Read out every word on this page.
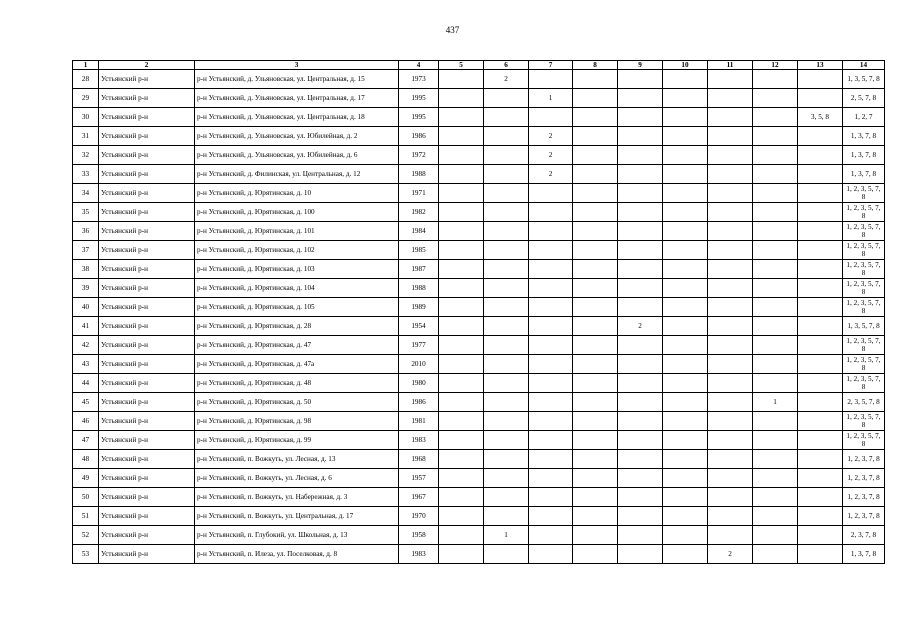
437
1	2	3	4	5	6	7	8	9	10	11	12	13	14
28	Устьянский р-н	р-н Устьянский, д. Ульяновская, ул. Центральная, д. 15	1973		2								1, 3, 5, 7, 8
29	Устьянский р-н	р-н Устьянский, д. Ульяновская, ул. Центральная, д. 17	1995			1							2, 5, 7, 8
30	Устьянский р-н	р-н Устьянский, д. Ульяновская, ул. Центральная, д. 18	1995									3, 5, 8	1, 2, 7
31	Устьянский р-н	р-н Устьянский, д. Ульяновская, ул. Юбилейная, д. 2	1986			2							1, 3, 7, 8
32	Устьянский р-н	р-н Устьянский, д. Ульяновская, ул. Юбилейная, д. 6	1972			2							1, 3, 7, 8
33	Устьянский р-н	р-н Устьянский, д. Филинская, ул. Центральная, д. 12	1988			2							1, 3, 7, 8
34	Устьянский р-н	р-н Устьянский, д. Юрятинская, д. 10	1971										1, 2, 3, 5, 7, 8
35	Устьянский р-н	р-н Устьянский, д. Юрятинская, д. 100	1982										1, 2, 3, 5, 7, 8
36	Устьянский р-н	р-н Устьянский, д. Юрятинская, д. 101	1984										1, 2, 3, 5, 7, 8
37	Устьянский р-н	р-н Устьянский, д. Юрятинская, д. 102	1985										1, 2, 3, 5, 7, 8
38	Устьянский р-н	р-н Устьянский, д. Юрятинская, д. 103	1987										1, 2, 3, 5, 7, 8
39	Устьянский р-н	р-н Устьянский, д. Юрятинская, д. 104	1988										1, 2, 3, 5, 7, 8
40	Устьянский р-н	р-н Устьянский, д. Юрятинская, д. 105	1989										1, 2, 3, 5, 7, 8
41	Устьянский р-н	р-н Устьянский, д. Юрятинская, д. 28	1954					2					1, 3, 5, 7, 8
42	Устьянский р-н	р-н Устьянский, д. Юрятинская, д. 47	1977										1, 2, 3, 5, 7, 8
43	Устьянский р-н	р-н Устьянский, д. Юрятинская, д. 47а	2010										1, 2, 3, 5, 7, 8
44	Устьянский р-н	р-н Устьянский, д. Юрятинская, д. 48	1980										1, 2, 3, 5, 7, 8
45	Устьянский р-н	р-н Устьянский, д. Юрятинская, д. 50	1986								1		2, 3, 5, 7, 8
46	Устьянский р-н	р-н Устьянский, д. Юрятинская, д. 98	1981										1, 2, 3, 5, 7, 8
47	Устьянский р-н	р-н Устьянский, д. Юрятинская, д. 99	1983										1, 2, 3, 5, 7, 8
48	Устьянский р-н	р-н Устьянский, п. Вожкуть, ул. Лесная, д. 13	1968										1, 2, 3, 7, 8
49	Устьянский р-н	р-н Устьянский, п. Вожкуть, ул. Лесная, д. 6	1957										1, 2, 3, 7, 8
50	Устьянский р-н	р-н Устьянский, п. Вожкуть, ул. Набережная, д. 3	1967										1, 2, 3, 7, 8
51	Устьянский р-н	р-н Устьянский, п. Вожкуть, ул. Центральная, д. 17	1970										1, 2, 3, 7, 8
52	Устьянский р-н	р-н Устьянский, п. Глубокий, ул. Школьная, д. 13	1958		1								2, 3, 7, 8
53	Устьянский р-н	р-н Устьянский, п. Илеза, ул. Поселковая, д. 8	1983							2			1, 3, 7, 8
